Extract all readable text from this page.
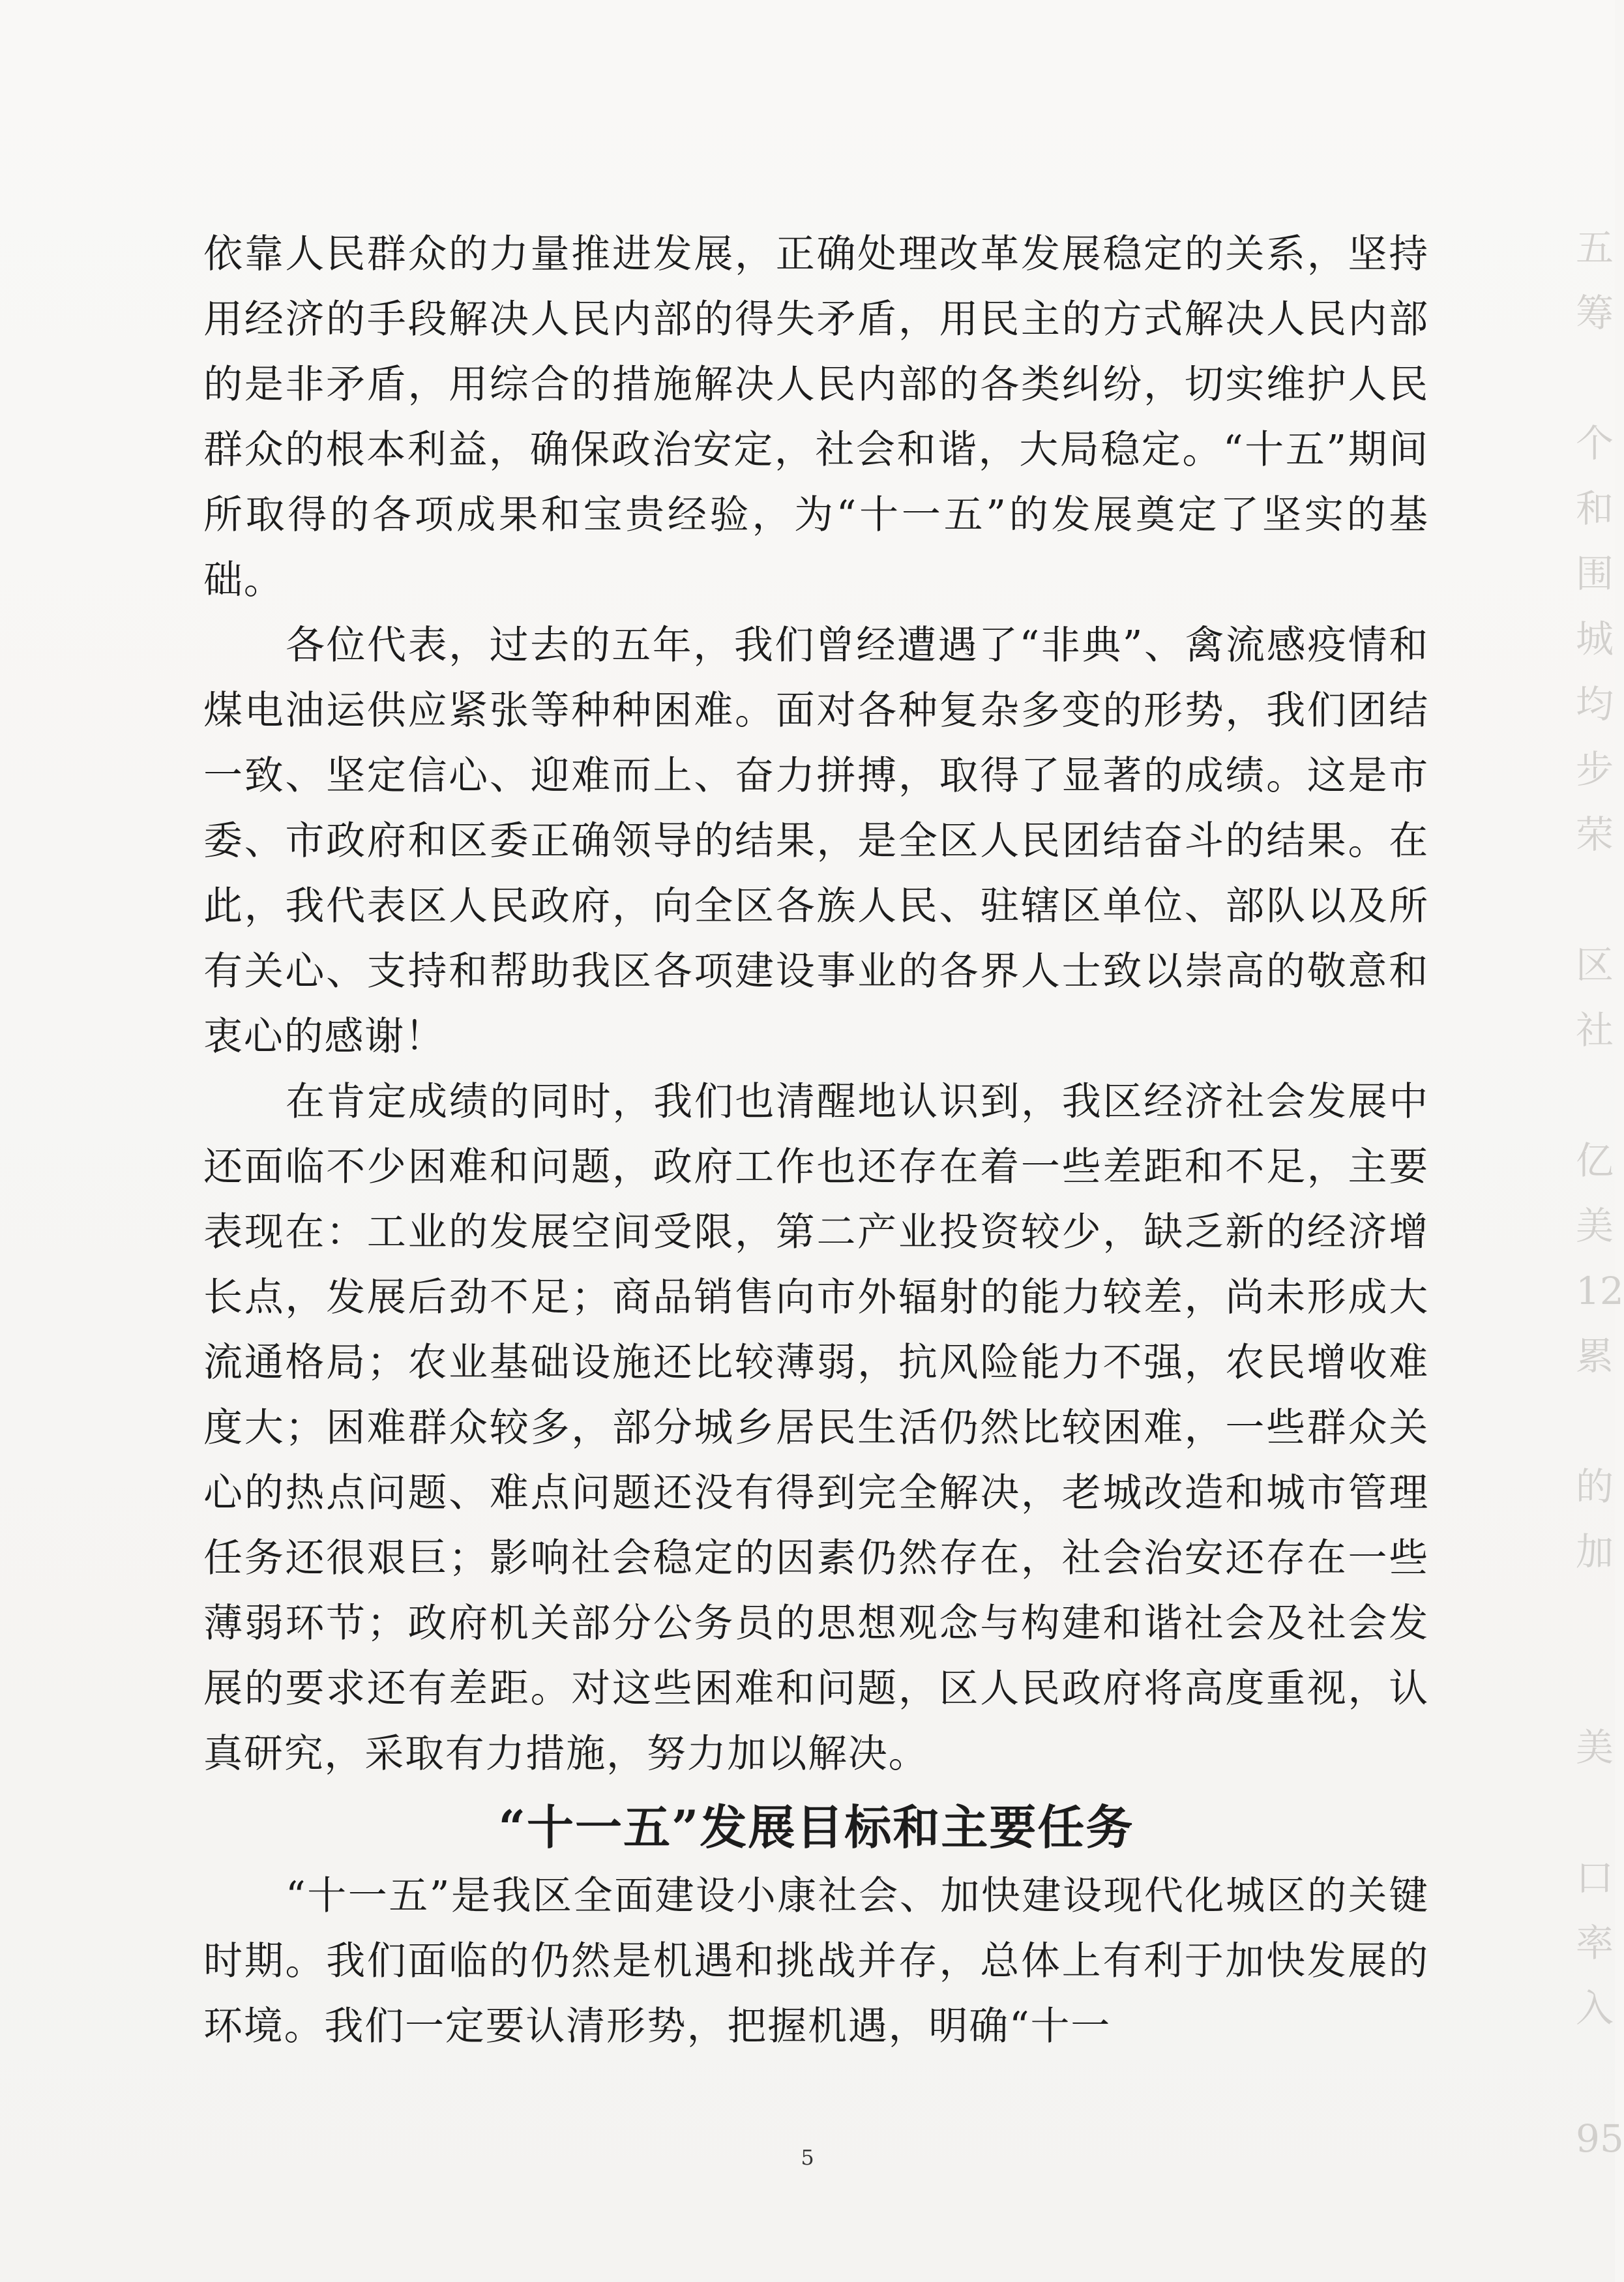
五
筹
个
和
围
城
均
步
荣
区
社
亿
美
12
累
的
加
美
口
率
入
95

依靠人民群众的力量推进发展，正确处理改革发展稳定的关系，坚持用经济的手段解决人民内部的得失矛盾，用民主的方式解决人民内部的是非矛盾，用综合的措施解决人民内部的各类纠纷，切实维护人民群众的根本利益，确保政治安定，社会和谐，大局稳定。“十五”期间所取得的各项成果和宝贵经验，为“十一五”的发展奠定了坚实的基础。

各位代表，过去的五年，我们曾经遭遇了“非典”、禽流感疫情和煤电油运供应紧张等种种困难。面对各种复杂多变的形势，我们团结一致、坚定信心、迎难而上、奋力拼搏，取得了显著的成绩。这是市委、市政府和区委正确领导的结果，是全区人民团结奋斗的结果。在此，我代表区人民政府，向全区各族人民、驻辖区单位、部队以及所有关心、支持和帮助我区各项建设事业的各界人士致以崇高的敬意和衷心的感谢！

在肯定成绩的同时，我们也清醒地认识到，我区经济社会发展中还面临不少困难和问题，政府工作也还存在着一些差距和不足，主要表现在：工业的发展空间受限，第二产业投资较少，缺乏新的经济增长点，发展后劲不足；商品销售向市外辐射的能力较差，尚未形成大流通格局；农业基础设施还比较薄弱，抗风险能力不强，农民增收难度大；困难群众较多，部分城乡居民生活仍然比较困难，一些群众关心的热点问题、难点问题还没有得到完全解决，老城改造和城市管理任务还很艰巨；影响社会稳定的因素仍然存在，社会治安还存在一些薄弱环节；政府机关部分公务员的思想观念与构建和谐社会及社会发展的要求还有差距。对这些困难和问题，区人民政府将高度重视，认真研究，采取有力措施，努力加以解决。

“十一五”发展目标和主要任务

“十一五”是我区全面建设小康社会、加快建设现代化城区的关键时期。我们面临的仍然是机遇和挑战并存，总体上有利于加快发展的环境。我们一定要认清形势，把握机遇，明确“十一

5
